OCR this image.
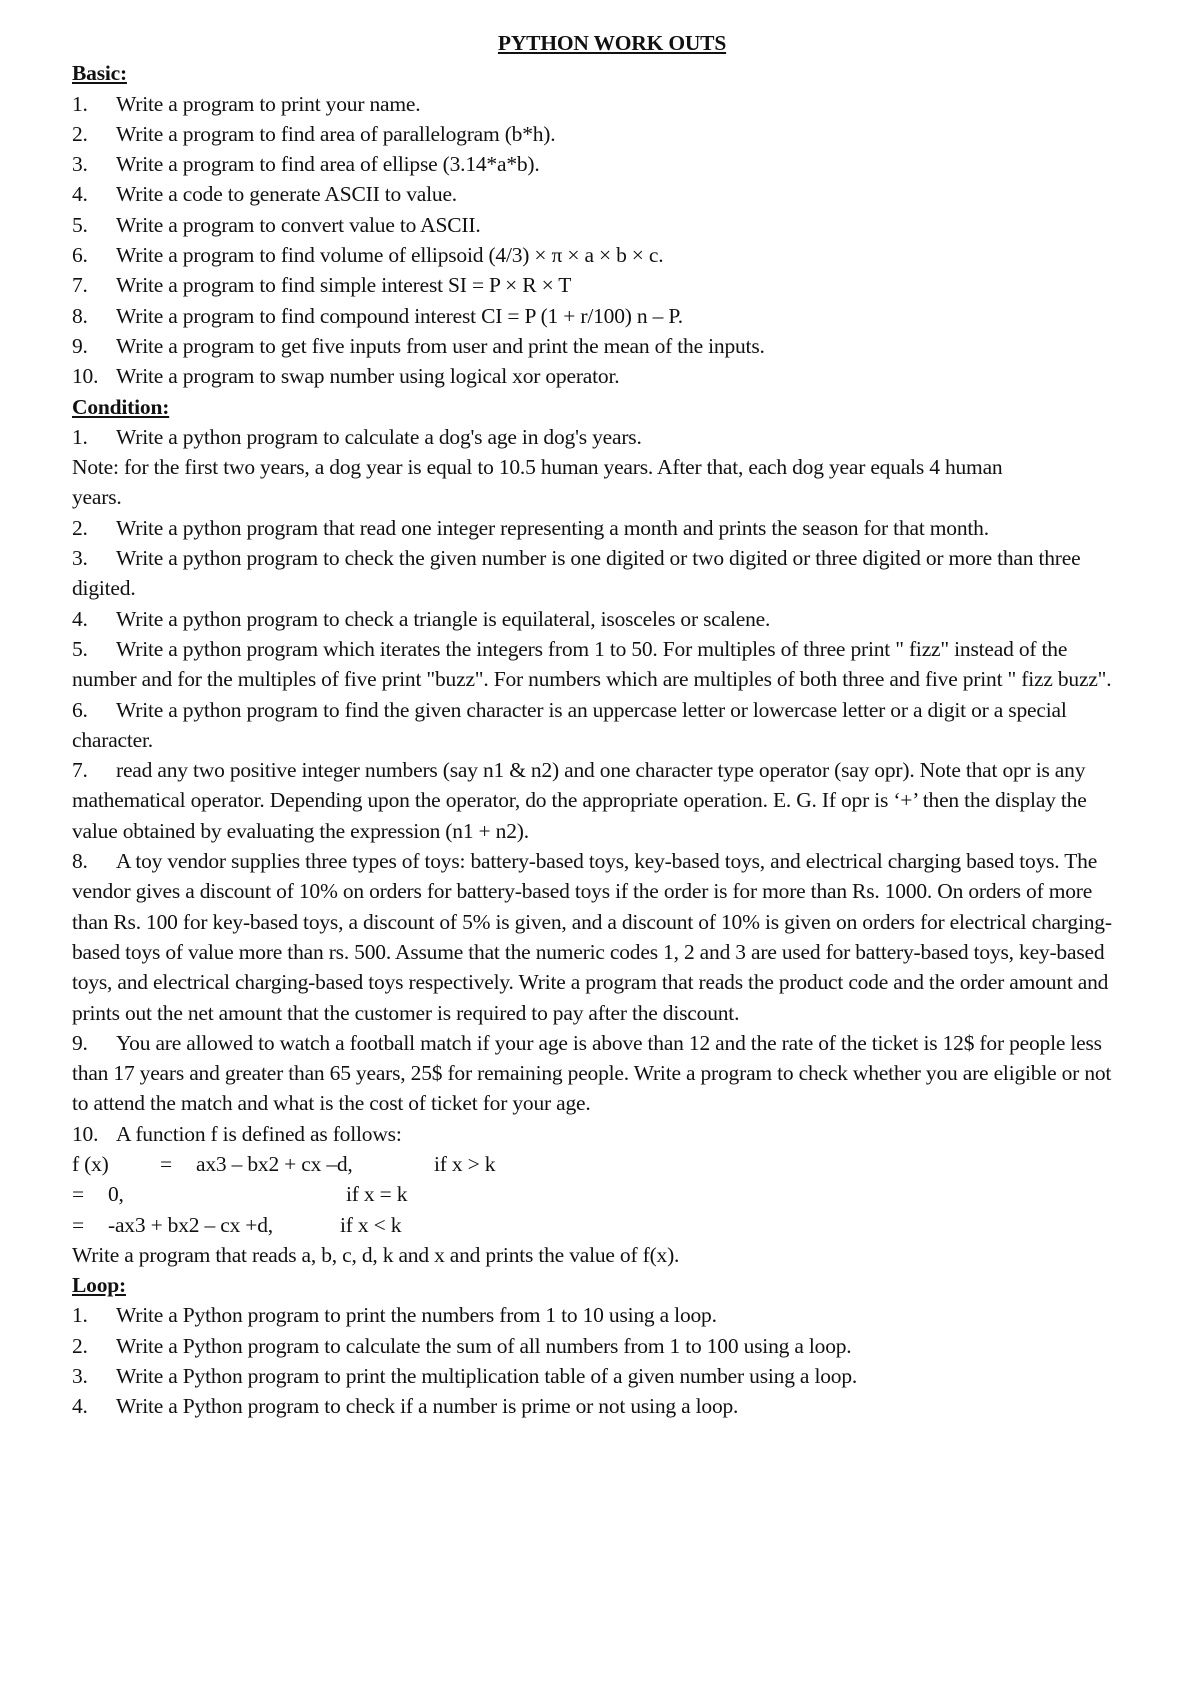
PYTHON WORK OUTS

Basic:

1.	Write a program to print your name.
2.	Write a program to find area of parallelogram (b*h).
3.	Write a program to find area of ellipse (3.14*a*b).
4.	Write a code to generate ASCII to value.
5.	Write a program to convert value to ASCII.
6.	Write a program to find volume of ellipsoid (4/3) × π × a × b × c.
7.	Write a program to find simple interest SI = P × R × T
8.	Write a program to find compound interest CI = P (1 + r/100) n – P.
9.	Write a program to get five inputs from user and print the mean of the inputs.
10. Write a program to swap number using logical xor operator.

Condition:

1. Write a python program to calculate a dog's age in dog's years.

Note: for the first two years, a dog year is equal to 10.5 human years. After that, each dog year equals 4 human years.

2. Write a python program that read one integer representing a month and prints the season for that month.

3. Write a python program to check the given number is one digited or two digited or three digited or more than three digited.

4. Write a python program to check a triangle is equilateral, isosceles or scalene.

5. Write a python program which iterates the integers from 1 to 50. For multiples of three print " fizz" instead of the number and for the multiples of five print "buzz". For numbers which are multiples of both three and five print " fizz buzz".

6. Write a python program to find the given character is an uppercase letter or lowercase letter or a digit or a special character.

7. read any two positive integer numbers (say n1 & n2) and one character type operator (say opr). Note that opr is any mathematical operator. Depending upon the operator, do the appropriate operation. E. G. If opr is ‘+’ then the display the value obtained by evaluating the expression (n1 + n2).

8. A toy vendor supplies three types of toys: battery-based toys, key-based toys, and electrical charging based toys. The vendor gives a discount of 10% on orders for battery-based toys if the order is for more than Rs. 1000. On orders of more than Rs. 100 for key-based toys, a discount of 5% is given, and a discount of 10% is given on orders for electrical charging-based toys of value more than rs. 500. Assume that the numeric codes 1, 2 and 3 are used for battery-based toys, key-based toys, and electrical charging-based toys respectively. Write a program that reads the product code and the order amount and prints out the net amount that the customer is required to pay after the discount.

9. You are allowed to watch a football match if your age is above than 12 and the rate of the ticket is 12$ for people less than 17 years and greater than 65 years, 25$ for remaining people. Write a program to check whether you are eligible or not to attend the match and what is the cost of ticket for your age.

10. A function f is defined as follows:

f (x) = ax3 – bx2 + cx –d,	if x > k

= 0,	if x = k

= -ax3 + bx2 – cx +d,	if x < k

Write a program that reads a, b, c, d, k and x and prints the value of f(x).

Loop:

1.	Write a Python program to print the numbers from 1 to 10 using a loop.
2.	Write a Python program to calculate the sum of all numbers from 1 to 100 using a loop.
3.	Write a Python program to print the multiplication table of a given number using a loop.
4.	Write a Python program to check if a number is prime or not using a loop.
